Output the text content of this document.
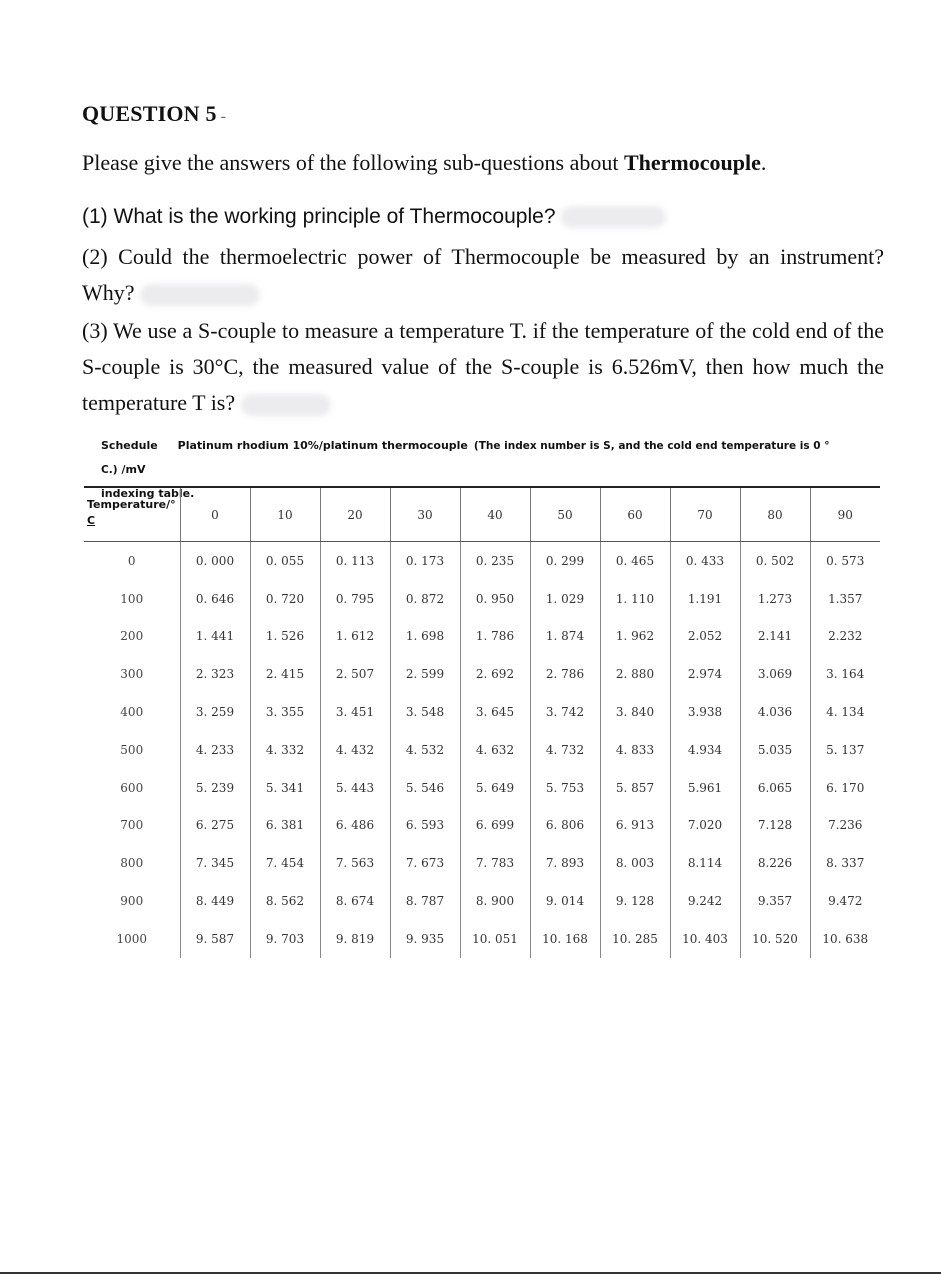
QUESTION 5 -
Please give the answers of the following sub-questions about Thermocouple.
(1) What is the working principle of Thermocouple?
(2) Could the thermoelectric power of Thermocouple be measured by an instrument? Why?
(3) We use a S-couple to measure a temperature T. if the temperature of the cold end of the S-couple is 30°C, the measured value of the S-couple is 6.526mV, then how much the temperature T is?
Schedule Platinum rhodium 10%/platinum thermocouple (The index number is S, and the cold end temperature is 0 ° C.) /mV
indexing table.
Temperature/°
C	0	10	20	30	40	50	60	70	80	90
0	0. 000	0. 055	0. 113	0. 173	0. 235	0. 299	0. 465	0. 433	0. 502	0. 573
100	0. 646	0. 720	0. 795	0. 872	0. 950	1. 029	1. 110	1.191	1.273	1.357
200	1. 441	1. 526	1. 612	1. 698	1. 786	1. 874	1. 962	2.052	2.141	2.232
300	2. 323	2. 415	2. 507	2. 599	2. 692	2. 786	2. 880	2.974	3.069	3. 164
400	3. 259	3. 355	3. 451	3. 548	3. 645	3. 742	3. 840	3.938	4.036	4. 134
500	4. 233	4. 332	4. 432	4. 532	4. 632	4. 732	4. 833	4.934	5.035	5. 137
600	5. 239	5. 341	5. 443	5. 546	5. 649	5. 753	5. 857	5.961	6.065	6. 170
700	6. 275	6. 381	6. 486	6. 593	6. 699	6. 806	6. 913	7.020	7.128	7.236
800	7. 345	7. 454	7. 563	7. 673	7. 783	7. 893	8. 003	8.114	8.226	8. 337
900	8. 449	8. 562	8. 674	8. 787	8. 900	9. 014	9. 128	9.242	9.357	9.472
1000	9. 587	9. 703	9. 819	9. 935	10. 051	10. 168	10. 285	10. 403	10. 520	10. 638
